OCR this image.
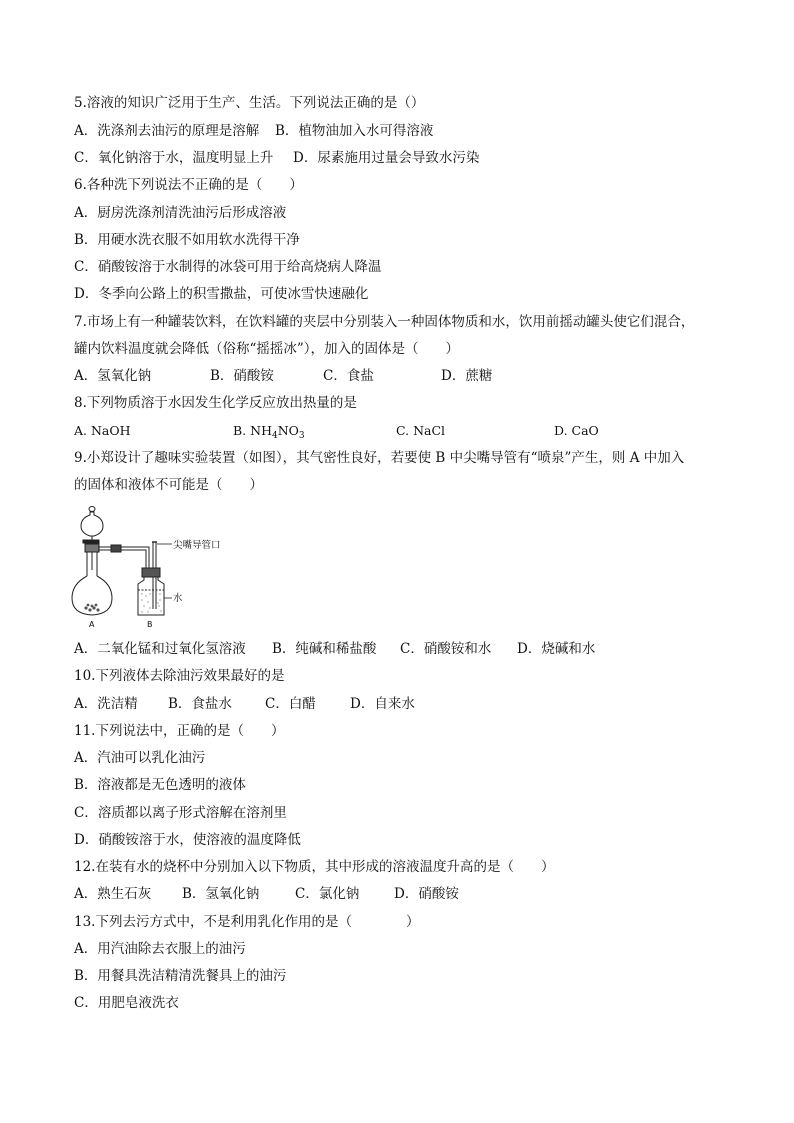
5.溶液的知识广泛用于生产、生活。下列说法正确的是（）
A．洗涤剂去油污的原理是溶解 B．植物油加入水可得溶液
C．氧化钠溶于水，温度明显上升 D．尿素施用过量会导致水污染
6.各种洗下列说法不正确的是（　　）
A．厨房洗涤剂清洗油污后形成溶液
B．用硬水洗衣服不如用软水洗得干净
C．硝酸铵溶于水制得的冰袋可用于给高烧病人降温
D．冬季向公路上的积雪撒盐，可使冰雪快速融化
7.市场上有一种罐装饮料，在饮料罐的夹层中分别装入一种固体物质和水，饮用前摇动罐头使它们混合，
罐内饮料温度就会降低（俗称“摇摇冰”），加入的固体是（　　）
A．氢氧化钠	B．硝酸铵	C．食盐	D．蔗糖
8.下列物质溶于水因发生化学反应放出热量的是
A. NaOH	B. $NH_4NO_3$	C. NaCl	D. CaO
9.小郑设计了趣味实验装置（如图），其气密性良好，若要使 B 中尖嘴导管有“喷泉”产生，则 A 中加入
的固体和液体不可能是（　　）
尖嘴导管口
水
A	B
A．二氧化锰和过氧化氢溶液 B．纯碱和稀盐酸 C．硝酸铵和水 D．烧碱和水
10.下列液体去除油污效果最好的是
A．洗洁精 B．食盐水 C．白醋	D．自来水
11.下列说法中，正确的是（　　）
A．汽油可以乳化油污
B．溶液都是无色透明的液体
C．溶质都以离子形式溶解在溶剂里
D．硝酸铵溶于水，使溶液的温度降低
12.在装有水的烧杯中分别加入以下物质，其中形成的溶液温度升高的是（　　）
A．熟生石灰 B．氢氧化钠	C．氯化钠	D．硝酸铵
13.下列去污方式中，不是利用乳化作用的是（　　　　）
A．用汽油除去衣服上的油污
B．用餐具洗洁精清洗餐具上的油污
C．用肥皂液洗衣
